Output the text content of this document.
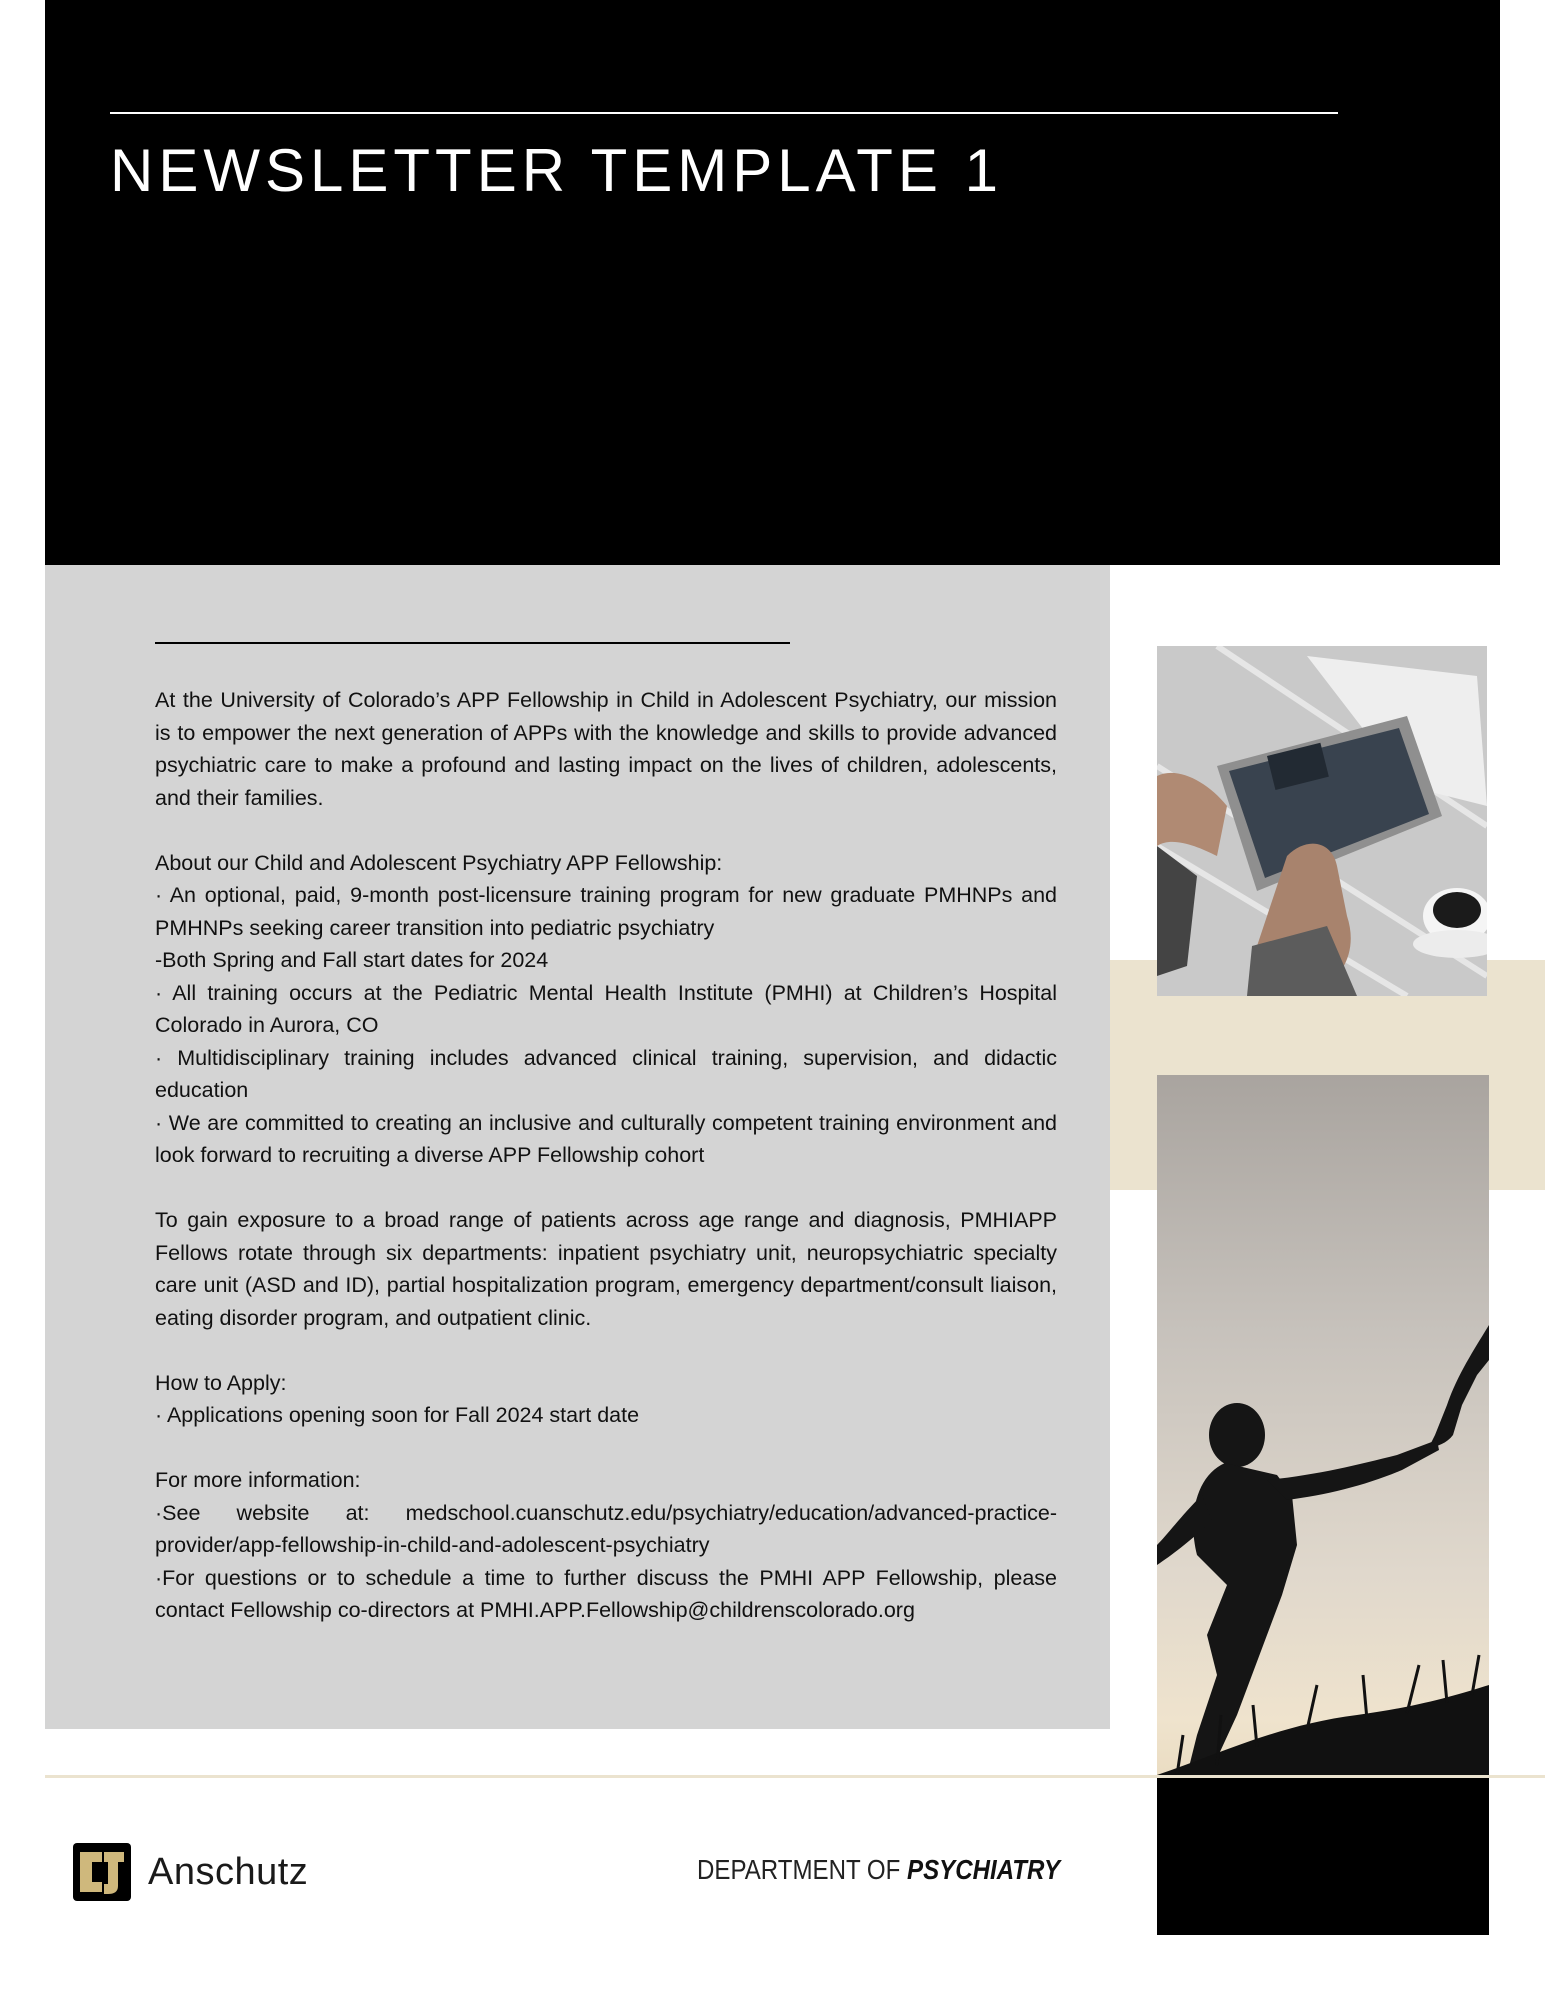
NEWSLETTER TEMPLATE 1

At the University of Colorado’s APP Fellowship in Child in Adolescent Psychiatry, our mission is to empower the next generation of APPs with the knowledge and skills to provide advanced psychiatric care to make a profound and lasting impact on the lives of children, adolescents, and their families.

About our Child and Adolescent Psychiatry APP Fellowship:

· An optional, paid, 9-month post-licensure training program for new graduate PMHNPs and PMHNPs seeking career transition into pediatric psychiatry

-Both Spring and Fall start dates for 2024

· All training occurs at the Pediatric Mental Health Institute (PMHI) at Children’s Hospital Colorado in Aurora, CO

· Multidisciplinary training includes advanced clinical training, supervision, and didactic education

· We are committed to creating an inclusive and culturally competent training environment and look forward to recruiting a diverse APP Fellowship cohort

To gain exposure to a broad range of patients across age range and diagnosis, PMHIAPP Fellows rotate through six departments: inpatient psychiatry unit, neuropsychiatric specialty care unit (ASD and ID), partial hospitalization program, emergency department/consult liaison, eating disorder program, and outpatient clinic.

How to Apply:

· Applications opening soon for Fall 2024 start date

For more information:

·See website at: medschool.cuanschutz.edu/psychiatry/education/advanced-practice-provider/app-fellowship-in-child-and-adolescent-psychiatry

·For questions or to schedule a time to further discuss the PMHI APP Fellowship, please contact Fellowship co-directors at PMHI.APP.Fellowship@childrenscolorado.org

Anschutz	DEPARTMENT OF PSYCHIATRY
